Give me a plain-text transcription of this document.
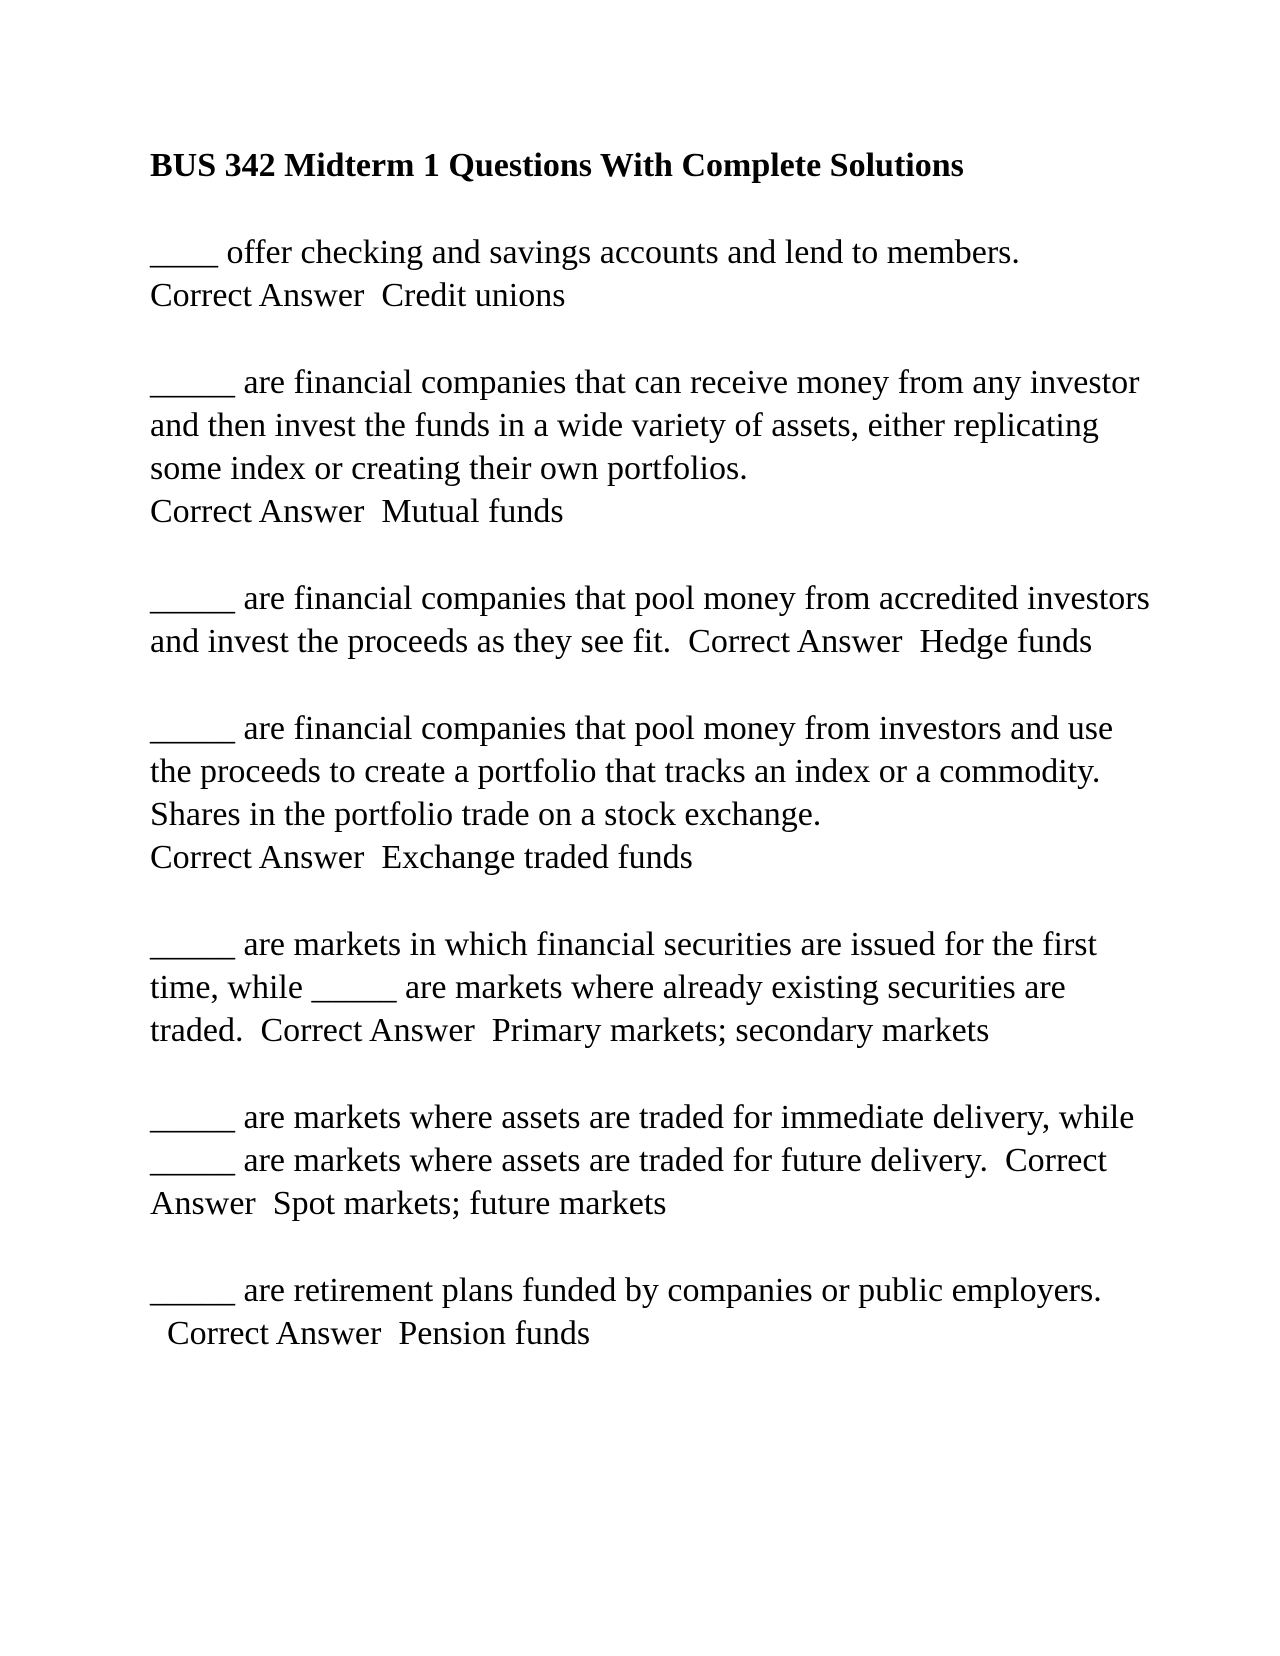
BUS 342 Midterm 1 Questions With Complete Solutions
____ offer checking and savings accounts and lend to members.
Correct Answer Credit unions
_____ are financial companies that can receive money from any investor and then invest the funds in a wide variety of assets, either replicating some index or creating their own portfolios.
Correct Answer Mutual funds
_____ are financial companies that pool money from accredited investors and invest the proceeds as they see fit. Correct Answer Hedge funds
_____ are financial companies that pool money from investors and use the proceeds to create a portfolio that tracks an index or a commodity. Shares in the portfolio trade on a stock exchange.
Correct Answer Exchange traded funds
_____ are markets in which financial securities are issued for the first time, while _____ are markets where already existing securities are traded. Correct Answer Primary markets; secondary markets
_____ are markets where assets are traded for immediate delivery, while _____ are markets where assets are traded for future delivery. Correct Answer Spot markets; future markets
_____ are retirement plans funded by companies or public employers.  Correct Answer Pension funds
